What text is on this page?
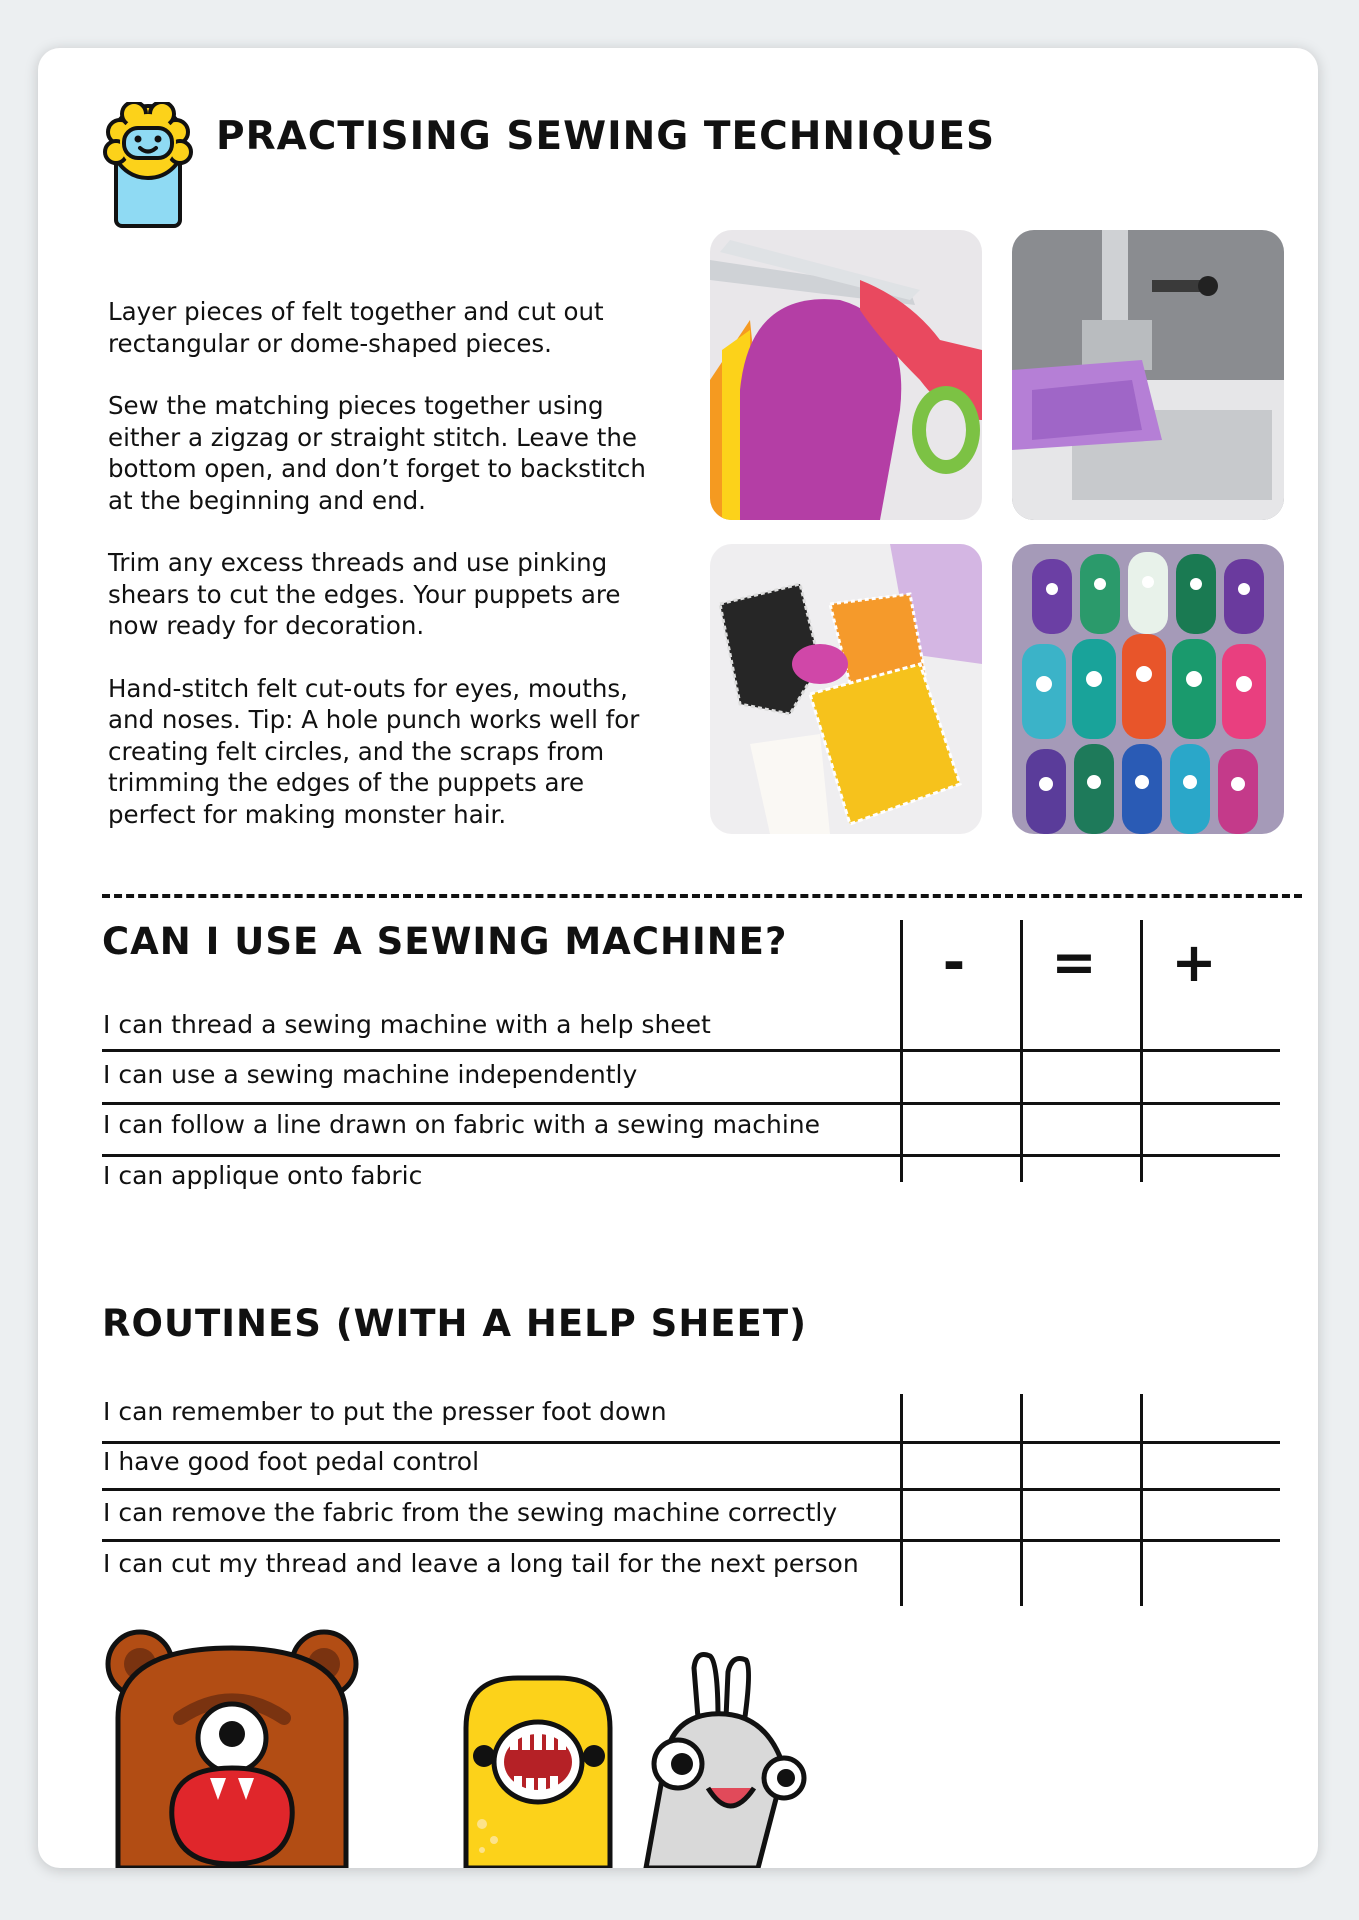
PRACTISING SEWING TECHNIQUES

Layer pieces of felt together and cut out rectangular or dome-shaped pieces.

Sew the matching pieces together using either a zigzag or straight stitch. Leave the bottom open, and don’t forget to backstitch at the beginning and end.

Trim any excess threads and use pinking shears to cut the edges. Your puppets are now ready for decoration.

Hand-stitch felt cut-outs for eyes, mouths, and noses. Tip: A hole punch works well for creating felt circles, and the scraps from trimming the edges of the puppets are perfect for making monster hair.

CAN I USE A SEWING MACHINE?	-	= +
I can thread a sewing machine with a help sheet
I can use a sewing machine independently
I can follow a line drawn on fabric with a sewing machine
I can applique onto fabric
ROUTINES (WITH A HELP SHEET)
I can remember to put the presser foot down
I have good foot pedal control
I can remove the fabric from the sewing machine correctly
I can cut my thread and leave a long tail for the next person
